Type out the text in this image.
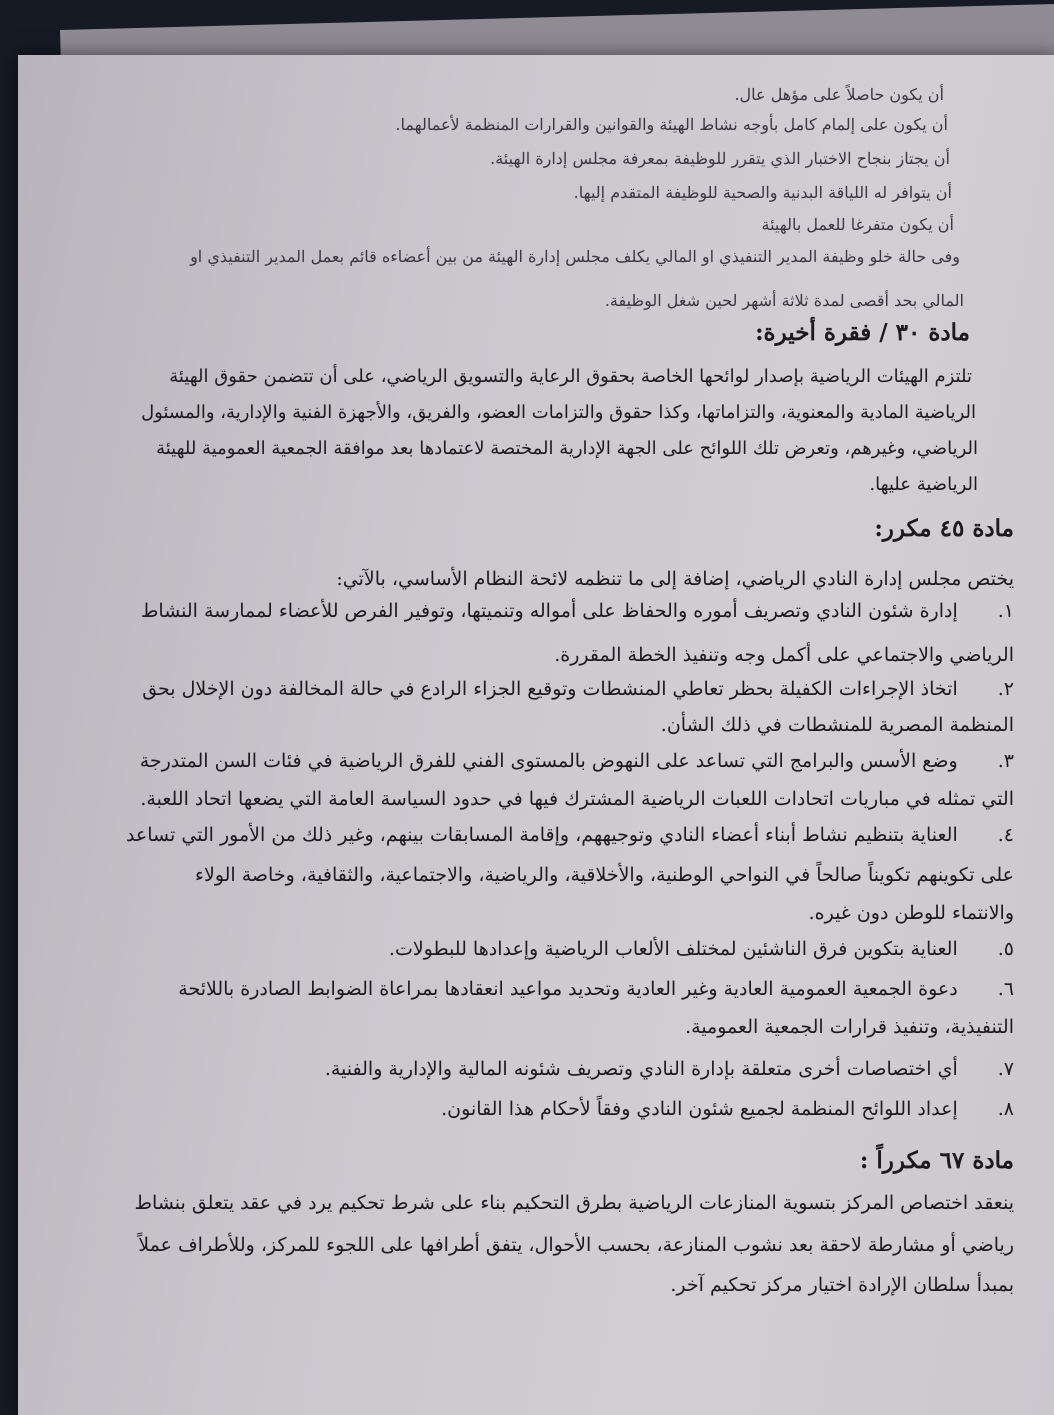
أن يكون حاصلاً على مؤهل عال.
أن يكون على إلمام كامل بأوجه نشاط الهيئة والقوانين والقرارات المنظمة لأعمالهما.
أن يجتاز بنجاح الاختبار الذي يتقرر للوظيفة بمعرفة مجلس إدارة الهيئة.
أن يتوافر له اللياقة البدنية والصحية للوظيفة المتقدم إليها.
أن يكون متفرغا للعمل بالهيئة
وفى حالة خلو وظيفة المدير التنفيذي او المالي يكلف مجلس إدارة الهيئة من بين أعضاءه قائم بعمل المدير التنفيذي او
المالي بحد أقصى لمدة ثلاثة أشهر لحين شغل الوظيفة.
مادة ٣٠ / فقرة أخيرة:
تلتزم الهيئات الرياضية بإصدار لوائحها الخاصة بحقوق الرعاية والتسويق الرياضي، على أن تتضمن حقوق الهيئة
الرياضية المادية والمعنوية، والتزاماتها، وكذا حقوق والتزامات العضو، والفريق، والأجهزة الفنية والإدارية، والمسئول
الرياضي، وغيرهم، وتعرض تلك اللوائح على الجهة الإدارية المختصة لاعتمادها بعد موافقة الجمعية العمومية للهيئة
الرياضية عليها.
مادة ٤٥ مكرر:
يختص مجلس إدارة النادي الرياضي، إضافة إلى ما تنظمه لائحة النظام الأساسي، بالآتي:
١.إدارة شئون النادي وتصريف أموره والحفاظ على أمواله وتنميتها، وتوفير الفرص للأعضاء لممارسة النشاط
الرياضي والاجتماعي على أكمل وجه وتنفيذ الخطة المقررة.
٢.اتخاذ الإجراءات الكفيلة بحظر تعاطي المنشطات وتوقيع الجزاء الرادع في حالة المخالفة دون الإخلال بحق
المنظمة المصرية للمنشطات في ذلك الشأن.
٣.وضع الأسس والبرامج التي تساعد على النهوض بالمستوى الفني للفرق الرياضية في فئات السن المتدرجة
التي تمثله في مباريات اتحادات اللعبات الرياضية المشترك فيها في حدود السياسة العامة التي يضعها اتحاد اللعبة.
٤.العناية بتنظيم نشاط أبناء أعضاء النادي وتوجيههم، وإقامة المسابقات بينهم، وغير ذلك من الأمور التي تساعد
على تكوينهم تكويناً صالحاً في النواحي الوطنية، والأخلاقية، والرياضية، والاجتماعية، والثقافية، وخاصة الولاء
والانتماء للوطن دون غيره.
٥.العناية بتكوين فرق الناشئين لمختلف الألعاب الرياضية وإعدادها للبطولات.
٦.دعوة الجمعية العمومية العادية وغير العادية وتحديد مواعيد انعقادها بمراعاة الضوابط الصادرة باللائحة
التنفيذية، وتنفيذ قرارات الجمعية العمومية.
٧.أي اختصاصات أخرى متعلقة بإدارة النادي وتصريف شئونه المالية والإدارية والفنية.
٨.إعداد اللوائح المنظمة لجميع شئون النادي وفقاً لأحكام هذا القانون.
مادة ٦٧ مكرراً :
ينعقد اختصاص المركز بتسوية المنازعات الرياضية بطرق التحكيم بناء على شرط تحكيم يرد في عقد يتعلق بنشاط
رياضي أو مشارطة لاحقة بعد نشوب المنازعة، بحسب الأحوال، يتفق أطرافها على اللجوء للمركز، وللأطراف عملاً
بمبدأ سلطان الإرادة اختيار مركز تحكيم آخر.
